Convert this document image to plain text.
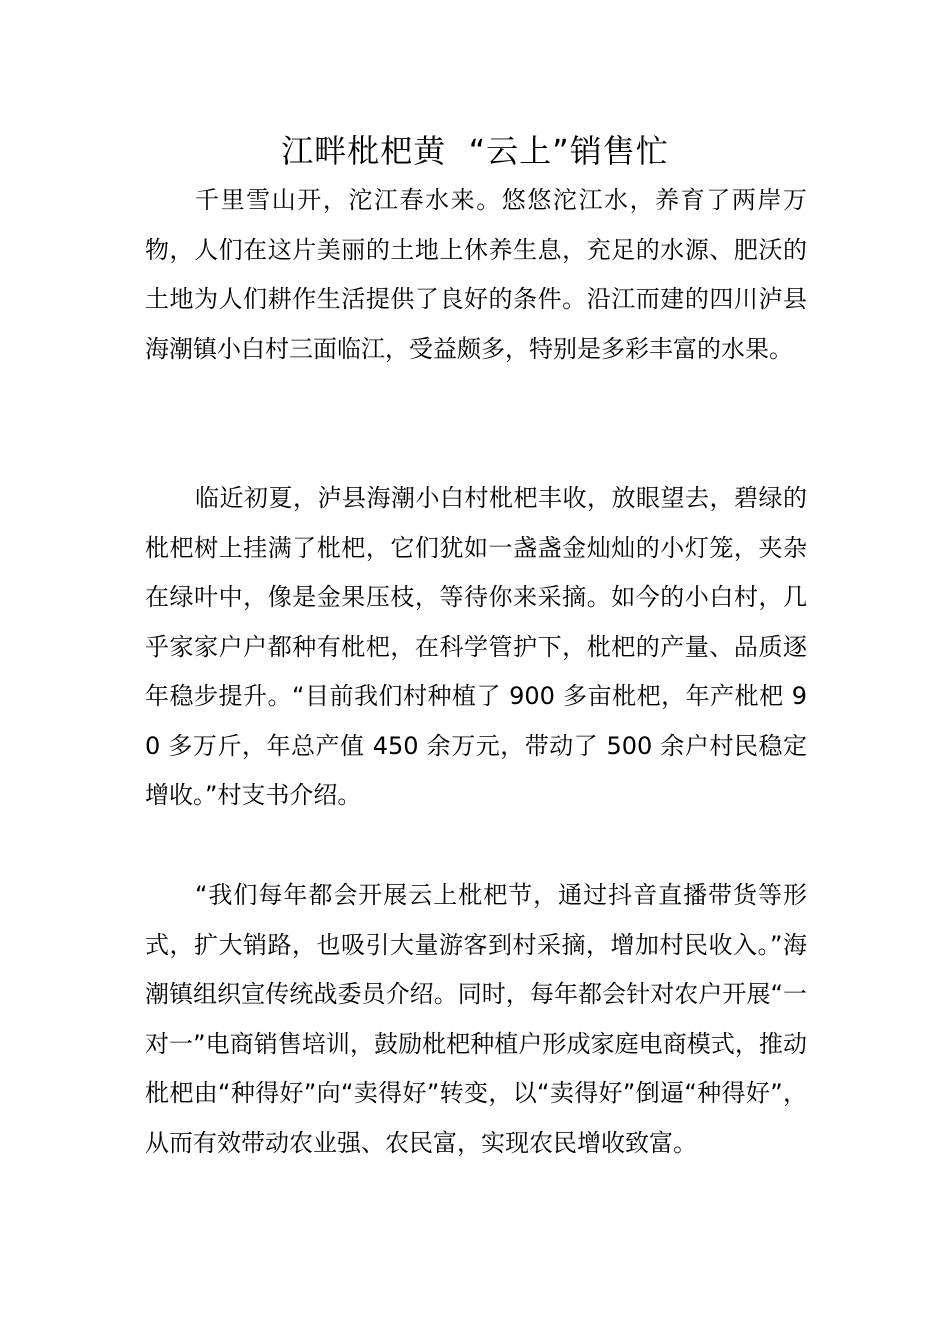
江畔枇杷黄  “云上”销售忙

千里雪山开，沱江春水来。悠悠沱江水，养育了两岸万物，人们在这片美丽的土地上休养生息，充足的水源、肥沃的土地为人们耕作生活提供了良好的条件。沿江而建的四川泸县海潮镇小白村三面临江，受益颇多，特别是多彩丰富的水果。

临近初夏，泸县海潮小白村枇杷丰收，放眼望去，碧绿的枇杷树上挂满了枇杷，它们犹如一盏盏金灿灿的小灯笼，夹杂在绿叶中，像是金果压枝，等待你来采摘。如今的小白村，几乎家家户户都种有枇杷，在科学管护下，枇杷的产量、品质逐年稳步提升。“目前我们村种植了 900 多亩枇杷，年产枇杷 90 多万斤，年总产值 450 余万元，带动了 500 余户村民稳定增收。”村支书介绍。

“我们每年都会开展云上枇杷节，通过抖音直播带货等形式，扩大销路，也吸引大量游客到村采摘，增加村民收入。”海潮镇组织宣传统战委员介绍。同时，每年都会针对农户开展“一对一”电商销售培训，鼓励枇杷种植户形成家庭电商模式，推动枇杷由“种得好”向“卖得好”转变，以“卖得好”倒逼“种得好”，从而有效带动农业强、农民富，实现农民增收致富。
